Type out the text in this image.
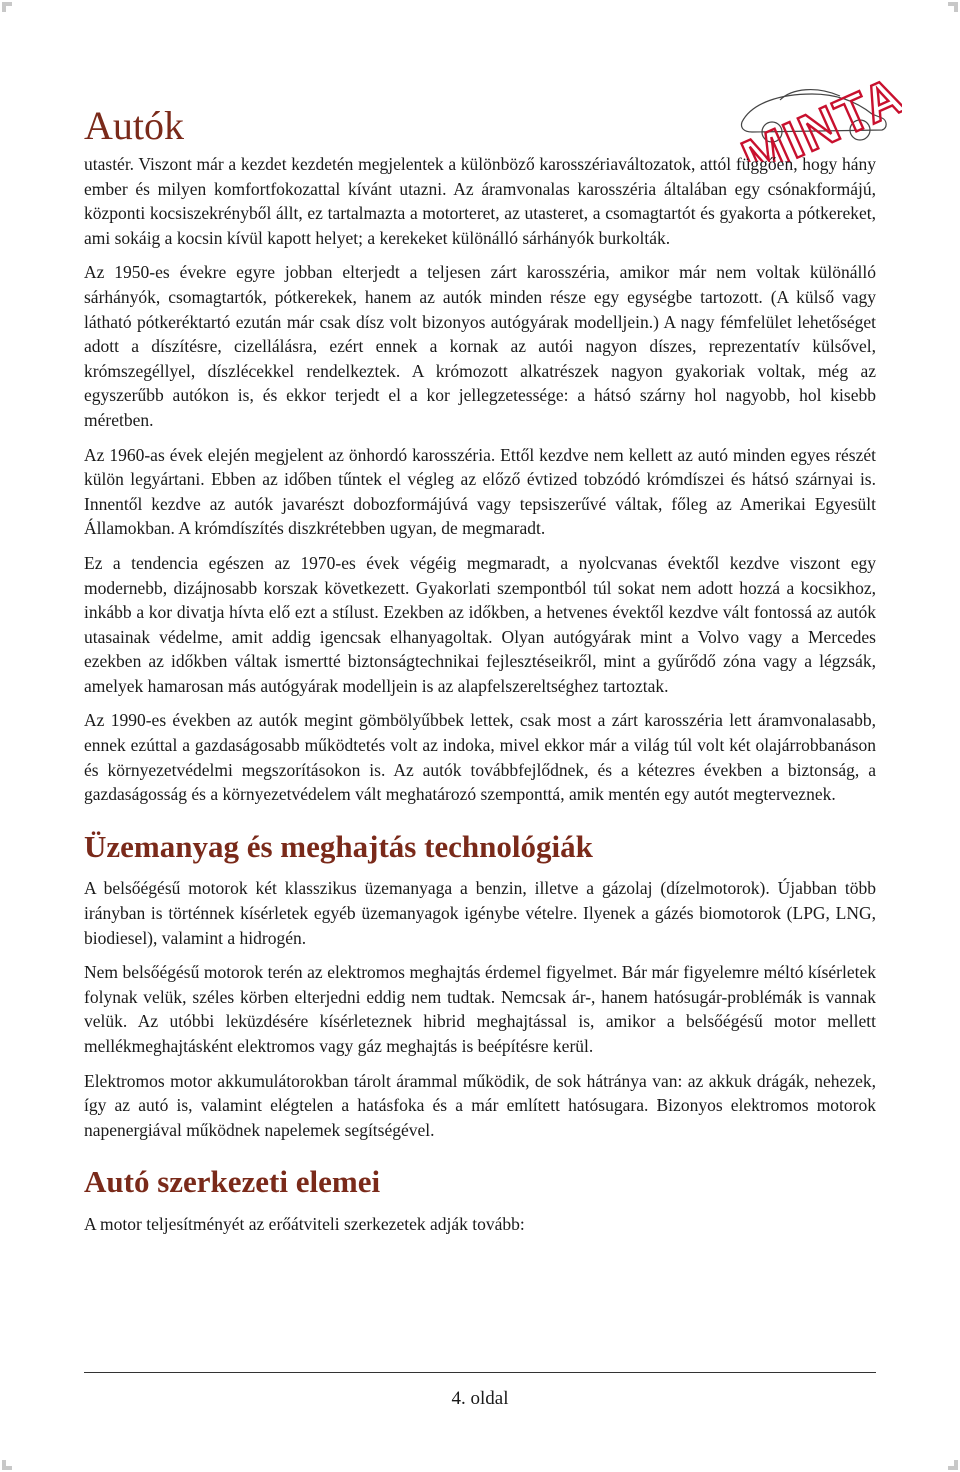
Autók	MINTA

utastér. Viszont már a kezdet kezdetén megjelentek a különböző karosszériaváltozatok, attól függően, hogy hány ember és milyen komfortfokozattal kívánt utazni. Az áramvonalas karosszéria általában egy csónakformájú, központi kocsiszekrényből állt, ez tartalmazta a motorteret, az utasteret, a csomagtartót és gyakorta a pótkereket, ami sokáig a kocsin kívül kapott helyet; a kerekeket különálló sárhányók burkolták.

Az 1950-es évekre egyre jobban elterjedt a teljesen zárt karosszéria, amikor már nem voltak különálló sárhányók, csomagtartók, pótkerekek, hanem az autók minden része egy egységbe tartozott. (A külső vagy látható pótkeréktartó ezután már csak dísz volt bizonyos autógyárak modelljein.) A nagy fémfelület lehetőséget adott a díszítésre, cizellálásra, ezért ennek a kornak az autói nagyon díszes, reprezentatív külsővel, krómszegéllyel, díszlécekkel rendelkeztek. A krómozott alkatrészek nagyon gyakoriak voltak, még az egyszerűbb autókon is, és ekkor terjedt el a kor jellegzetessége: a hátsó szárny hol nagyobb, hol kisebb méretben.

Az 1960-as évek elején megjelent az önhordó karosszéria. Ettől kezdve nem kellett az autó minden egyes részét külön legyártani. Ebben az időben tűntek el végleg az előző évtized tobzódó krómdíszei és hátsó szárnyai is. Innentől kezdve az autók javarészt dobozformájúvá vagy tepsiszerűvé váltak, főleg az Amerikai Egyesült Államokban. A krómdíszítés diszkrétebben ugyan, de megmaradt.

Ez a tendencia egészen az 1970-es évek végéig megmaradt, a nyolcvanas évektől kezdve viszont egy modernebb, dizájnosabb korszak következett. Gyakorlati szempontból túl sokat nem adott hozzá a kocsikhoz, inkább a kor divatja hívta elő ezt a stílust. Ezekben az időkben, a hetvenes évektől kezdve vált fontossá az autók utasainak védelme, amit addig igencsak elhanyagoltak. Olyan autógyárak mint a Volvo vagy a Mercedes ezekben az időkben váltak ismertté biztonságtechnikai fejlesztéseikről, mint a gyűrődő zóna vagy a légzsák, amelyek hamarosan más autógyárak modelljein is az alapfelszereltséghez tartoztak.

Az 1990-es években az autók megint gömbölyűbbek lettek, csak most a zárt karosszéria lett áramvonalasabb, ennek ezúttal a gazdaságosabb működtetés volt az indoka, mivel ekkor már a világ túl volt két olajárrobbanáson és környezetvédelmi megszorításokon is. Az autók továbbfejlődnek, és a kétezres években a biztonság, a gazdaságosság és a környezetvédelem vált meghatározó szemponttá, amik mentén egy autót megterveznek.

Üzemanyag és meghajtás technológiák

A belsőégésű motorok két klasszikus üzemanyaga a benzin, illetve a gázolaj (dízelmotorok). Újabban több irányban is történnek kísérletek egyéb üzemanyagok igénybe vételre. Ilyenek a gázés biomotorok (LPG, LNG, biodiesel), valamint a hidrogén.

Nem belsőégésű motorok terén az elektromos meghajtás érdemel figyelmet. Bár már figyelemre méltó kísérletek folynak velük, széles körben elterjedni eddig nem tudtak. Nemcsak ár-, hanem hatósugár-problémák is vannak velük. Az utóbbi leküzdésére kísérleteznek hibrid meghajtással is, amikor a belsőégésű motor mellett mellékmeghajtásként elektromos vagy gáz meghajtás is beépítésre kerül.

Elektromos motor akkumulátorokban tárolt árammal működik, de sok hátrányа van: az akkuk drágák, nehezek, így az autó is, valamint elégtelen a hatásfoka és a már említett hatósugara. Bizonyos elektromos motorok napenergiával működnek napelemek segítségével.

Autó szerkezeti elemei

A motor teljesítményét az erőátviteli szerkezetek adják tovább:

4. oldal
